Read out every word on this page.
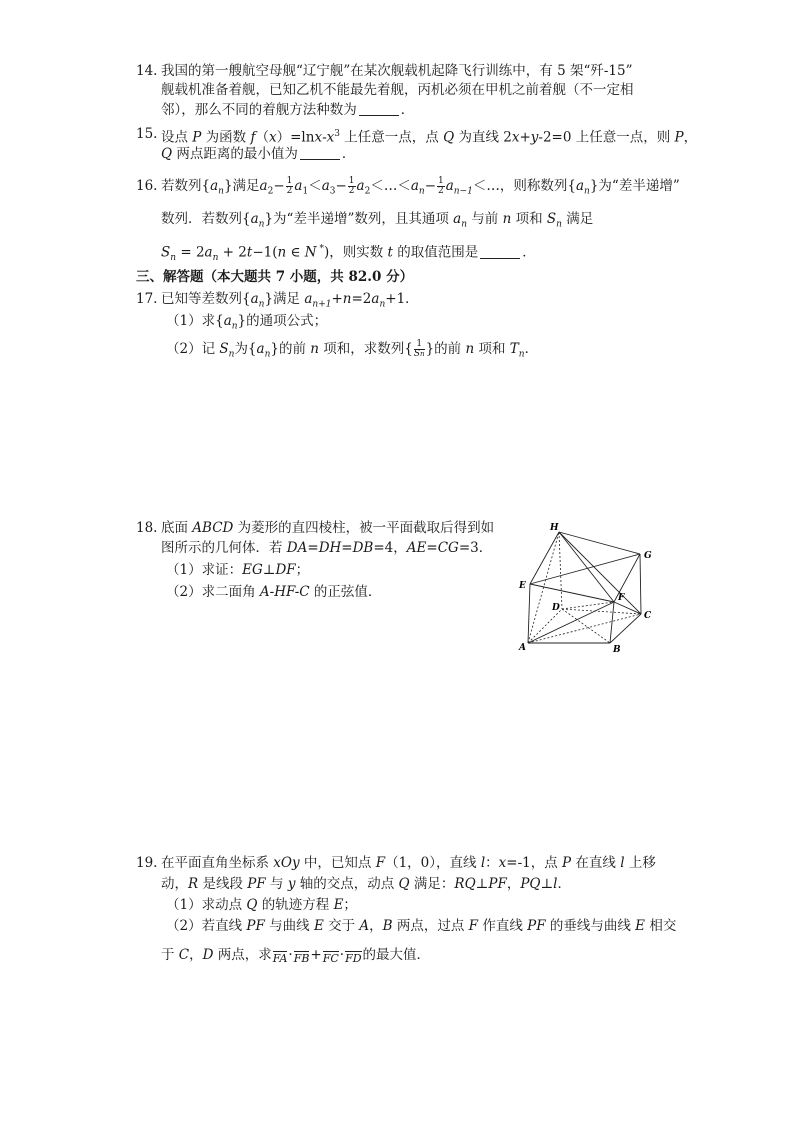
14. 我国的第一艘航空母舰“辽宁舰”在某次舰载机起降飞行训练中，有 5 架“歼-15”
舰载机准备着舰，已知乙机不能最先着舰，丙机必须在甲机之前着舰（不一定相
邻），那么不同的着舰方法种数为	．
15. 设点 P 为函数 $f(x)=\ln x-x^3$ 上任意一点，点 Q 为直线 2x+y-2=0 上任意一点，则 P，
Q 两点距离的最小值为	．
16. 若数列$\{a_n\}$满足$a_2- \frac{1}{2} a_1<a_3- \frac{1}{2}$ $a_2<\dots<a_n- \frac{1}{2}$ $a_{n-1}<\dots$，则称数列$\{a_n\}$为“差半递增”
数列．若数列$\{a_n\}$为“差半递增”数列，且其通项 $a_n$ 与前 n 项和 $S_n$ 满足
$S_n = 2a_n + 2t-1(n$ ∈ N *)，则实数 t 的取值范围是	．
三、解答题（本大题共 7 小题，共 82.0 分）
17. 已知等差数列$\{a_n\}$满足 $a_{n+1}+n=2a_n+1$．
（1）求$\{a_n\}$的通项公式；
（2）记 $S_n$为$\{a_n\}$的前 n 项和，求数列{ $\frac{1}{Sn}$ }的前 n 项和 $T_n$．
18. 底面 ABCD 为菱形的直四棱柱，被一平面截取后得到如
图所示的几何体．若 DA=DH=DB=4，AE=CG=3．
（1）求证：EG⊥DF；
（2）求二面角 A-HF-C 的正弦值．
H
G
E
D
F
C
A	B
19. 在平面直角坐标系 xOy 中，已知点 F（1，0），直线 l：x=-1，点 P 在直线 l 上移
动，R 是线段 PF 与 y 轴的交点，动点 Q 满足：RQ⊥PF，PQ⊥l．
（1）求动点 Q 的轨迹方程 E；
（2）若直线 PF 与曲线 E 交于 A，B 两点，过点 F 作直线 PF 的垂线与曲线 E 相交
于 C，D 两点，求FA·FB+FC·FD的最大值．
